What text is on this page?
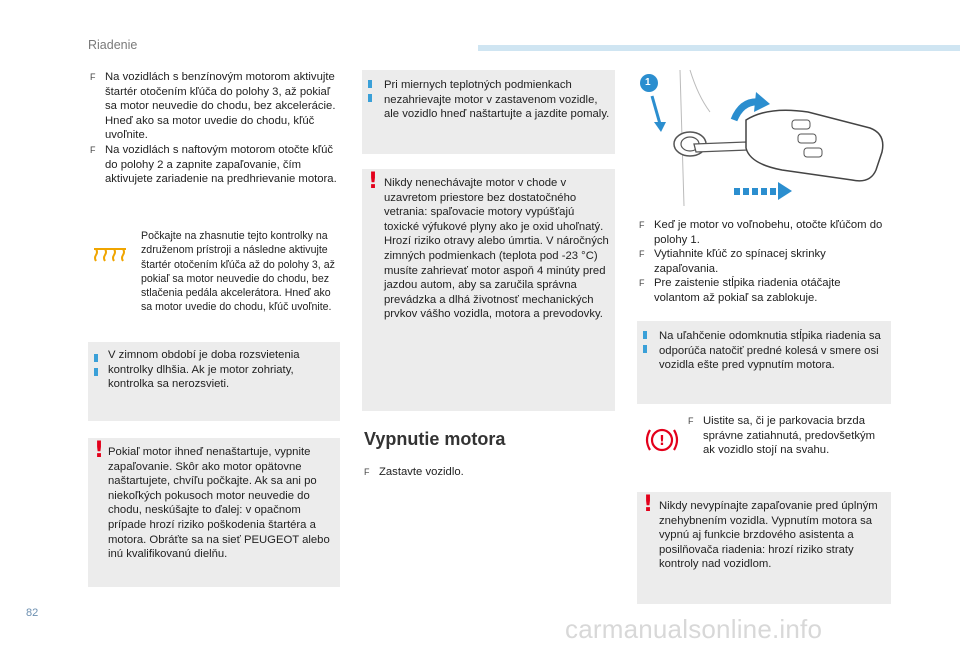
Riadenie
F Na vozidlách s benzínovým motorom aktivujte štartér otočením kľúča do polohy 3, až pokiaľ sa motor neuvedie do chodu, bez akcelerácie. Hneď ako sa motor uvedie do chodu, kľúč uvoľnite.
F Na vozidlách s naftovým motorom otočte kľúč do polohy 2 a zapnite zapaľovanie, čím aktivujete zariadenie na predhrievanie motora.
Počkajte na zhasnutie tejto kontrolky na združenom prístroji a následne aktivujte štartér otočením kľúča až do polohy 3, až pokiaľ sa motor neuvedie do chodu, bez stlačenia pedála akcelerátora. Hneď ako sa motor uvedie do chodu, kľúč uvoľnite.
V zimnom období je doba rozsvietenia kontrolky dlhšia. Ak je motor zohriaty, kontrolka sa nerozsvieti.
! Pokiaľ motor ihneď nenaštartuje, vypnite zapaľovanie. Skôr ako motor opätovne naštartujete, chvíľu počkajte. Ak sa ani po niekoľkých pokusoch motor neuvedie do chodu, neskúšajte to ďalej: v opačnom prípade hrozí riziko poškodenia štartéra a motora. Obráťte sa na sieť PEUGEOT alebo inú kvalifikovanú dielňu.
Pri miernych teplotných podmienkach nezahrievajte motor v zastavenom vozidle, ale vozidlo hneď naštartujte a jazdite pomaly.
! Nikdy nenechávajte motor v chode v uzavretom priestore bez dostatočného vetrania: spaľovacie motory vypúšťajú toxické výfukové plyny ako je oxid uhoľnatý. Hrozí riziko otravy alebo úmrtia. V náročných zimných podmienkach (teplota pod -23 °C) musíte zahrievať motor aspoň 4 minúty pred jazdou autom, aby sa zaručila správna prevádzka a dlhá životnosť mechanických prvkov vášho vozidla, motora a prevodovky.
Vypnutie motora
F Zastavte vozidlo.
1
F Keď je motor vo voľnobehu, otočte kľúčom do polohy 1.
F Vytiahnite kľúč zo spínacej skrinky zapaľovania.
F Pre zaistenie stĺpika riadenia otáčajte volantom až pokiaľ sa zablokuje.
Na uľahčenie odomknutia stĺpika riadenia sa odporúča natočiť predné kolesá v smere osi vozidla ešte pred vypnutím motora.
!
F Uistite sa, či je parkovacia brzda správne zatiahnutá, predovšetkým ak vozidlo stojí na svahu.
! Nikdy nevypínajte zapaľovanie pred úplným znehybnením vozidla. Vypnutím motora sa vypnú aj funkcie brzdového asistenta a posilňovača riadenia: hrozí riziko straty kontroly nad vozidlom.
82
carmanualsonline.info
